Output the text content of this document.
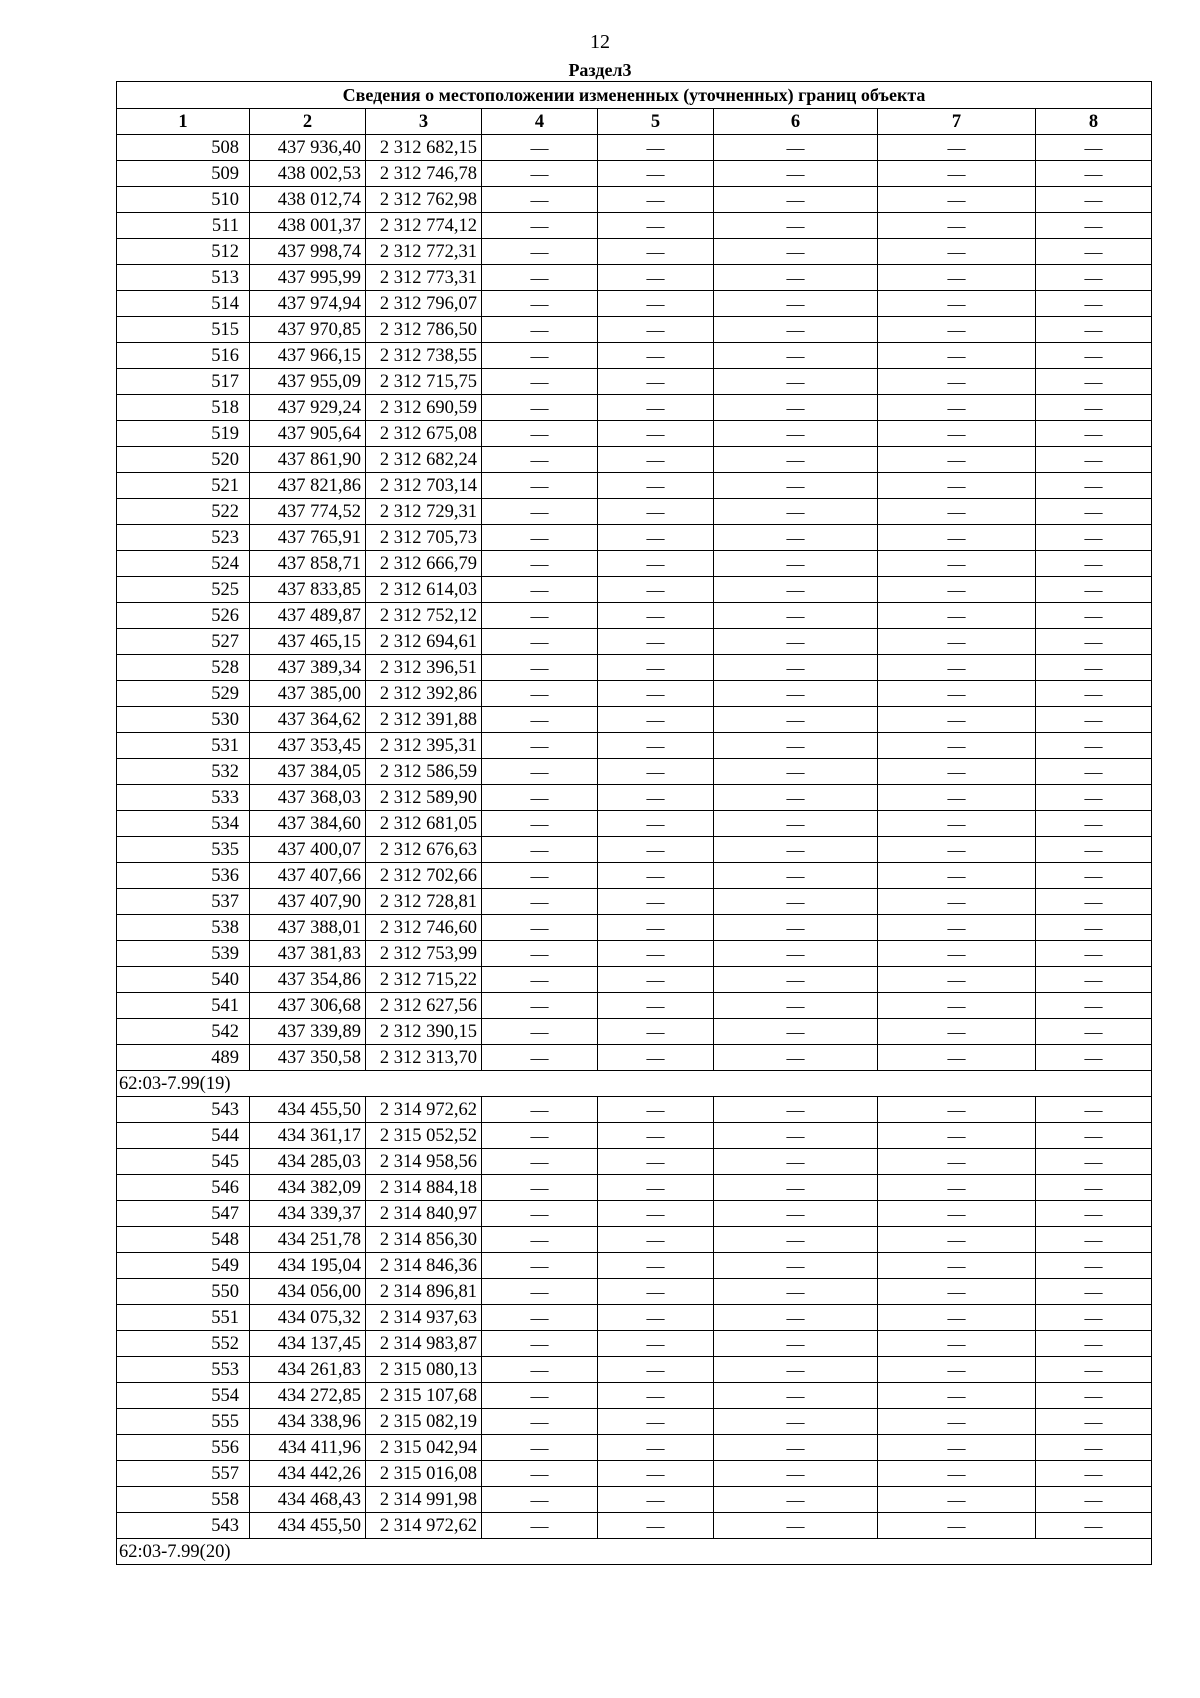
12
Раздел3
Сведения о местоположении измененных (уточненных) границ объекта							
1	2	3	4	5	6	7	8
508	437 936,40	2 312 682,15	—	—	—	—	—
509	438 002,53	2 312 746,78	—	—	—	—	—
510	438 012,74	2 312 762,98	—	—	—	—	—
511	438 001,37	2 312 774,12	—	—	—	—	—
512	437 998,74	2 312 772,31	—	—	—	—	—
513	437 995,99	2 312 773,31	—	—	—	—	—
514	437 974,94	2 312 796,07	—	—	—	—	—
515	437 970,85	2 312 786,50	—	—	—	—	—
516	437 966,15	2 312 738,55	—	—	—	—	—
517	437 955,09	2 312 715,75	—	—	—	—	—
518	437 929,24	2 312 690,59	—	—	—	—	—
519	437 905,64	2 312 675,08	—	—	—	—	—
520	437 861,90	2 312 682,24	—	—	—	—	—
521	437 821,86	2 312 703,14	—	—	—	—	—
522	437 774,52	2 312 729,31	—	—	—	—	—
523	437 765,91	2 312 705,73	—	—	—	—	—
524	437 858,71	2 312 666,79	—	—	—	—	—
525	437 833,85	2 312 614,03	—	—	—	—	—
526	437 489,87	2 312 752,12	—	—	—	—	—
527	437 465,15	2 312 694,61	—	—	—	—	—
528	437 389,34	2 312 396,51	—	—	—	—	—
529	437 385,00	2 312 392,86	—	—	—	—	—
530	437 364,62	2 312 391,88	—	—	—	—	—
531	437 353,45	2 312 395,31	—	—	—	—	—
532	437 384,05	2 312 586,59	—	—	—	—	—
533	437 368,03	2 312 589,90	—	—	—	—	—
534	437 384,60	2 312 681,05	—	—	—	—	—
535	437 400,07	2 312 676,63	—	—	—	—	—
536	437 407,66	2 312 702,66	—	—	—	—	—
537	437 407,90	2 312 728,81	—	—	—	—	—
538	437 388,01	2 312 746,60	—	—	—	—	—
539	437 381,83	2 312 753,99	—	—	—	—	—
540	437 354,86	2 312 715,22	—	—	—	—	—
541	437 306,68	2 312 627,56	—	—	—	—	—
542	437 339,89	2 312 390,15	—	—	—	—	—
489	437 350,58	2 312 313,70	—	—	—	—	—
62:03-7.99(19)							
543	434 455,50	2 314 972,62	—	—	—	—	—
544	434 361,17	2 315 052,52	—	—	—	—	—
545	434 285,03	2 314 958,56	—	—	—	—	—
546	434 382,09	2 314 884,18	—	—	—	—	—
547	434 339,37	2 314 840,97	—	—	—	—	—
548	434 251,78	2 314 856,30	—	—	—	—	—
549	434 195,04	2 314 846,36	—	—	—	—	—
550	434 056,00	2 314 896,81	—	—	—	—	—
551	434 075,32	2 314 937,63	—	—	—	—	—
552	434 137,45	2 314 983,87	—	—	—	—	—
553	434 261,83	2 315 080,13	—	—	—	—	—
554	434 272,85	2 315 107,68	—	—	—	—	—
555	434 338,96	2 315 082,19	—	—	—	—	—
556	434 411,96	2 315 042,94	—	—	—	—	—
557	434 442,26	2 315 016,08	—	—	—	—	—
558	434 468,43	2 314 991,98	—	—	—	—	—
543	434 455,50	2 314 972,62	—	—	—	—	—
62:03-7.99(20)							
